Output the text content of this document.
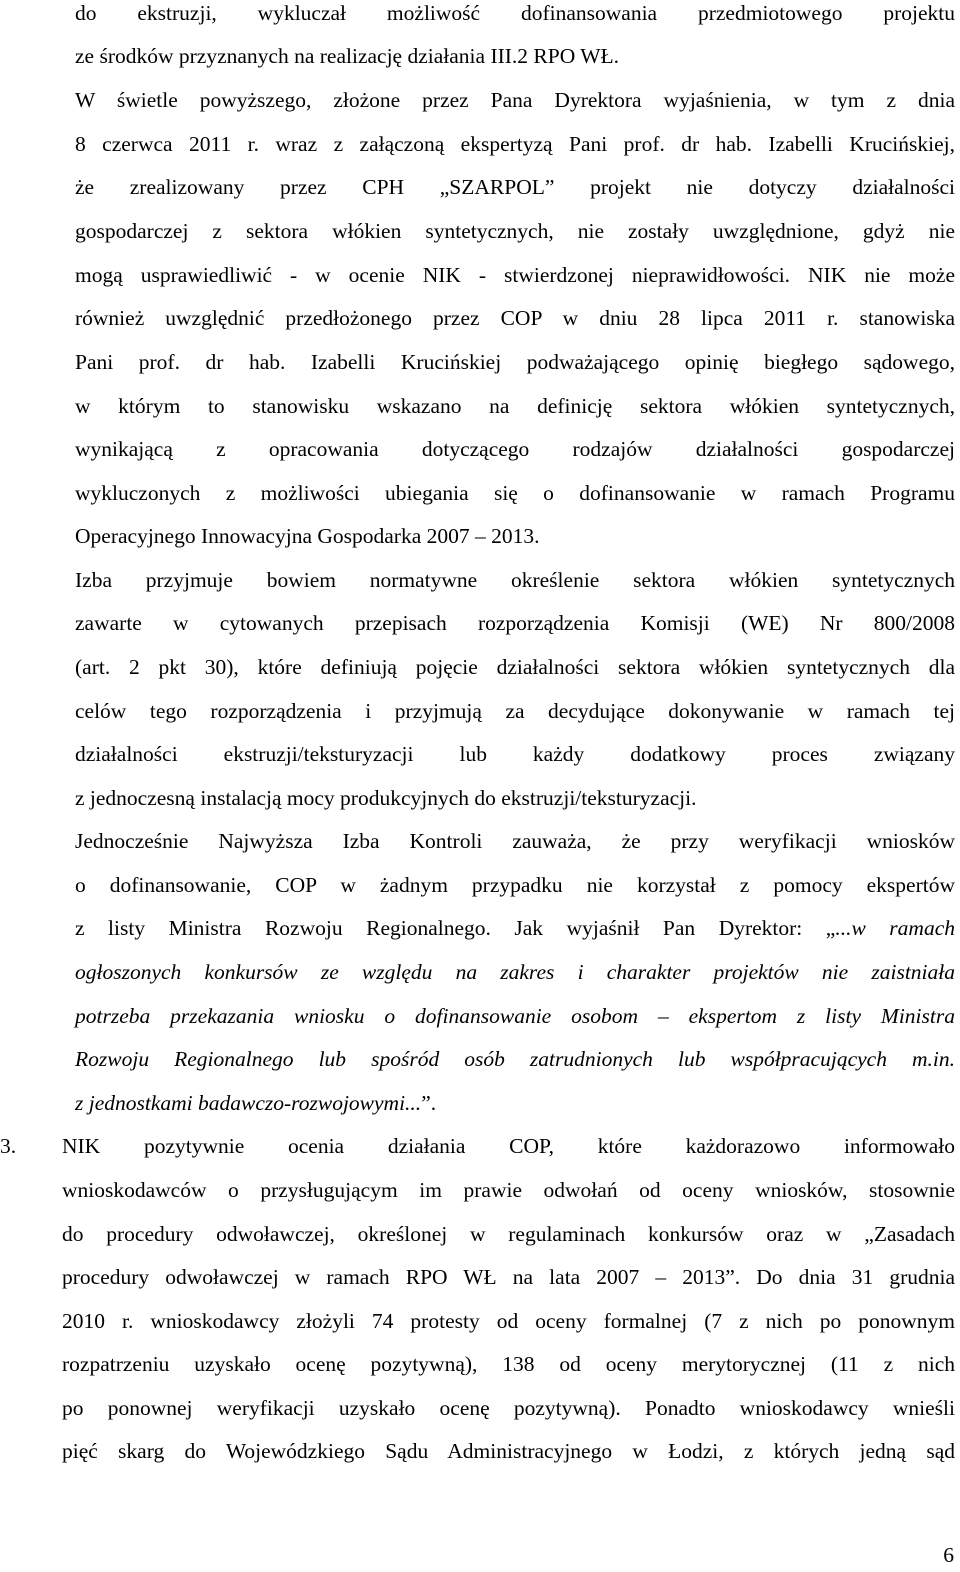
do ekstruzji, wykluczał możliwość dofinansowania przedmiotowego projektu
ze środków przyznanych na realizację działania III.2 RPO WŁ.
W świetle powyższego, złożone przez Pana Dyrektora wyjaśnienia, w tym z dnia
8 czerwca 2011 r. wraz z załączoną ekspertyzą Pani prof. dr hab. Izabelli Krucińskiej,
że zrealizowany przez CPH „SZARPOL” projekt nie dotyczy działalności
gospodarczej z sektora włókien syntetycznych, nie zostały uwzględnione, gdyż nie
mogą usprawiedliwić - w ocenie NIK - stwierdzonej nieprawidłowości. NIK nie może
również uwzględnić przedłożonego przez COP w dniu 28 lipca 2011 r. stanowiska
Pani prof. dr hab. Izabelli Krucińskiej podważającego opinię biegłego sądowego,
w którym to stanowisku wskazano na definicję sektora włókien syntetycznych,
wynikającą z opracowania dotyczącego rodzajów działalności gospodarczej
wykluczonych z możliwości ubiegania się o dofinansowanie w ramach Programu
Operacyjnego Innowacyjna Gospodarka 2007 – 2013.
Izba przyjmuje bowiem normatywne określenie sektora włókien syntetycznych
zawarte w cytowanych przepisach rozporządzenia Komisji (WE) Nr 800/2008
(art. 2 pkt 30), które definiują pojęcie działalności sektora włókien syntetycznych dla
celów tego rozporządzenia i przyjmują za decydujące dokonywanie w ramach tej
działalności ekstruzji/teksturyzacji lub każdy dodatkowy proces związany
z jednoczesną instalacją mocy produkcyjnych do ekstruzji/teksturyzacji.
Jednocześnie Najwyższa Izba Kontroli zauważa, że przy weryfikacji wniosków
o dofinansowanie, COP w żadnym przypadku nie korzystał z pomocy ekspertów
z listy Ministra Rozwoju Regionalnego. Jak wyjaśnił Pan Dyrektor: „...w ramach
ogłoszonych konkursów ze względu na zakres i charakter projektów nie zaistniała
potrzeba przekazania wniosku o dofinansowanie osobom – ekspertom z listy Ministra
Rozwoju Regionalnego lub spośród osób zatrudnionych lub współpracujących m.in.
z jednostkami badawczo-rozwojowymi...”.
3. NIK pozytywnie ocenia działania COP, które każdorazowo informowało
wnioskodawców o przysługującym im prawie odwołań od oceny wniosków, stosownie
do procedury odwoławczej, określonej w regulaminach konkursów oraz w „Zasadach
procedury odwoławczej w ramach RPO WŁ na lata 2007 – 2013”. Do dnia 31 grudnia
2010 r. wnioskodawcy złożyli 74 protesty od oceny formalnej (7 z nich po ponownym
rozpatrzeniu uzyskało ocenę pozytywną), 138 od oceny merytorycznej (11 z nich
po ponownej weryfikacji uzyskało ocenę pozytywną). Ponadto wnioskodawcy wnieśli
pięć skarg do Wojewódzkiego Sądu Administracyjnego w Łodzi, z których jedną sąd
6
